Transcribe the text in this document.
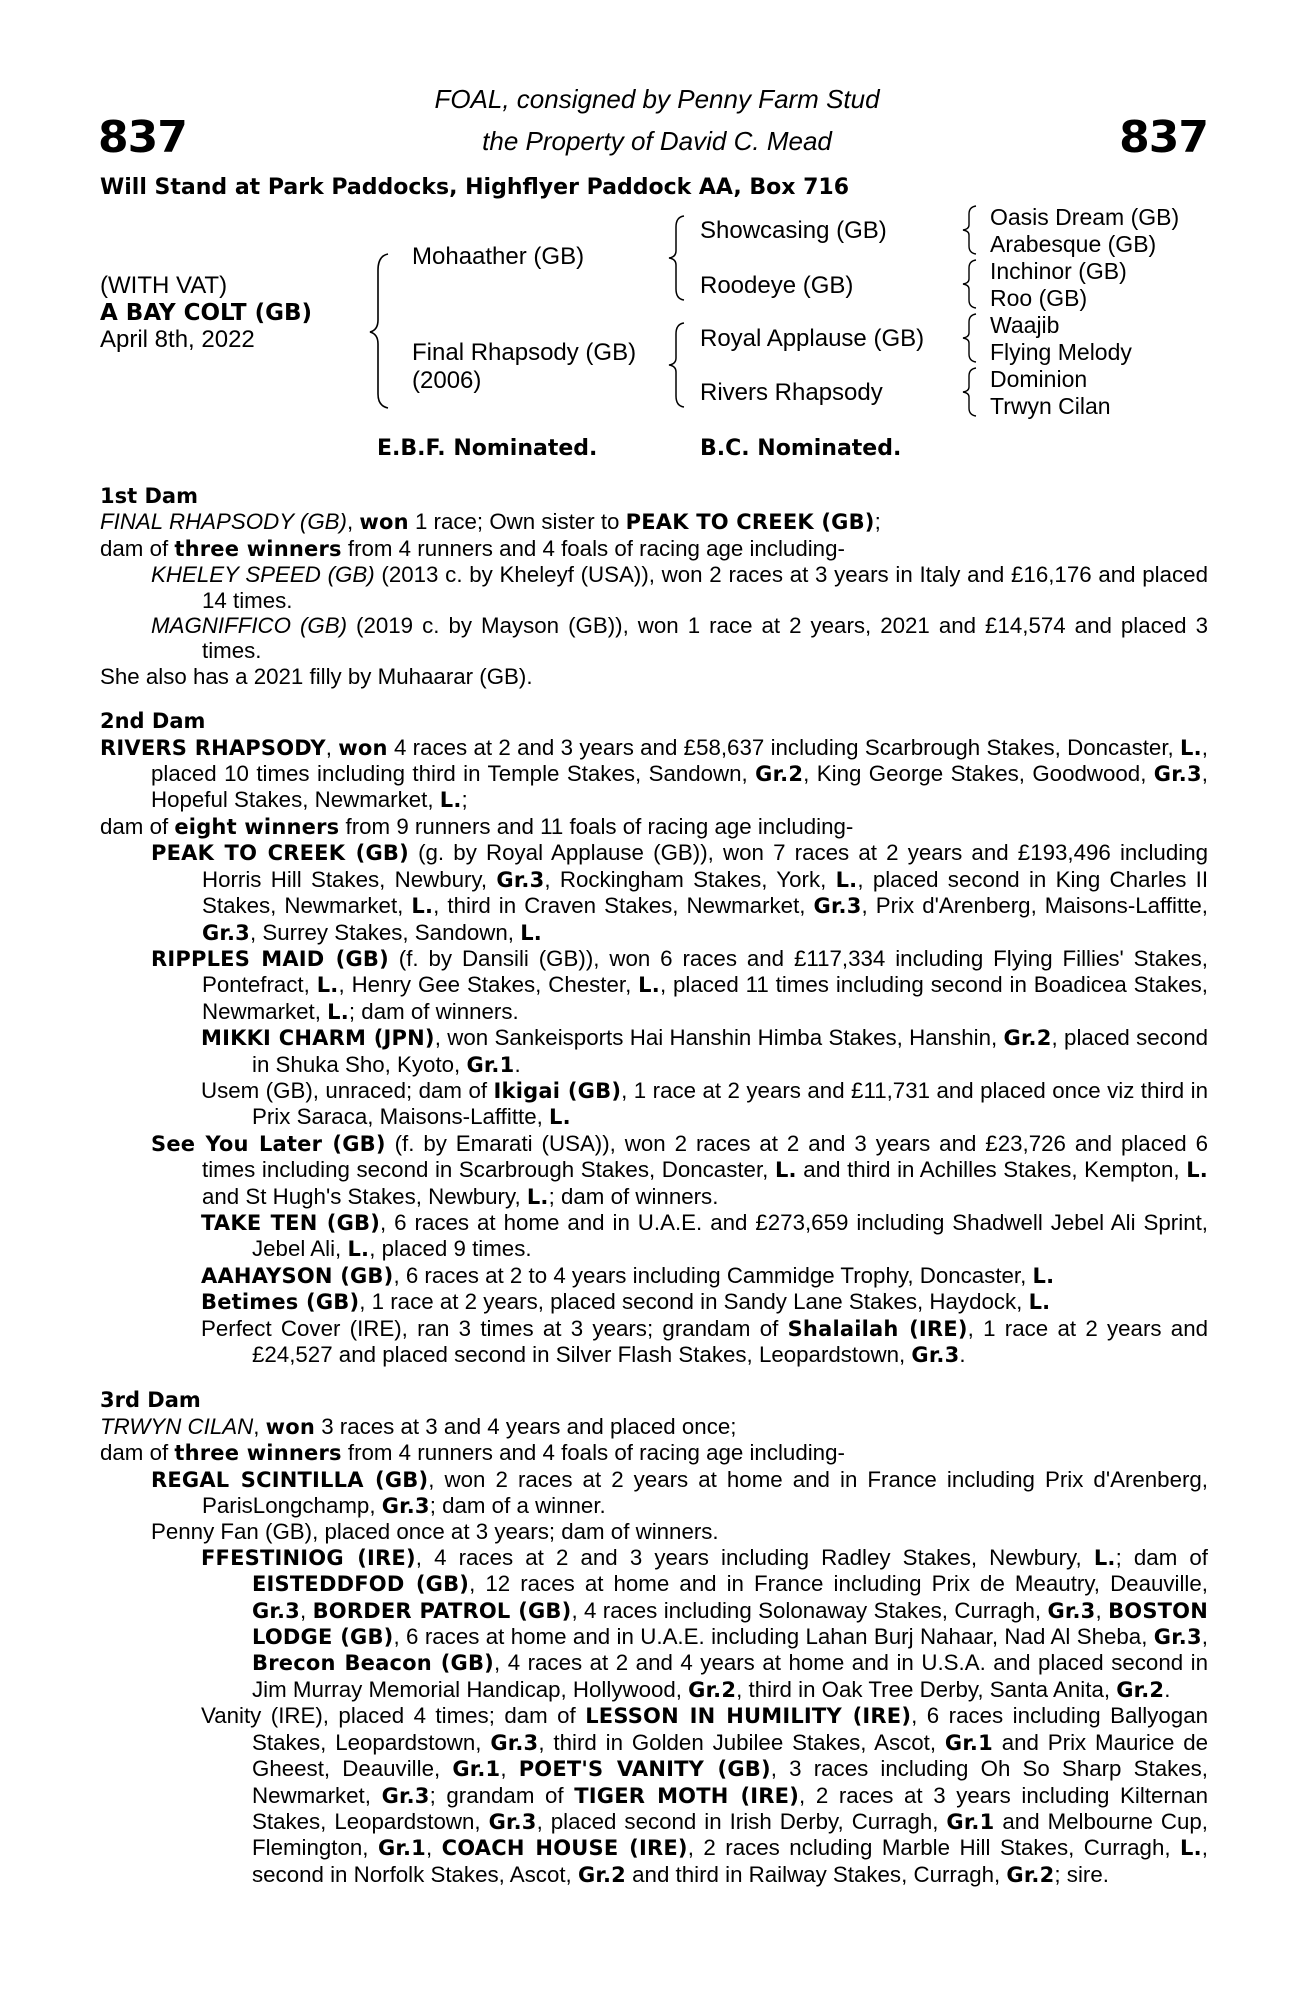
837	837
FOAL, consigned by Penny Farm Stud
the Property of David C. Mead
Will Stand at Park Paddocks, Highflyer Paddock AA, Box 716
(WITH VAT)
A BAY COLT (GB)
April 8th, 2022
Mohaather (GB)
Final Rhapsody (GB)
(2006)
Showcasing (GB)
Roodeye (GB)
Royal Applause (GB)
Rivers Rhapsody
Oasis Dream (GB)
Arabesque (GB)
Inchinor (GB)
Roo (GB)
Waajib
Flying Melody
Dominion
Trwyn Cilan
E.B.F. Nominated.	B.C. Nominated.
1st Dam

FINAL RHAPSODY (GB), won 1 race; Own sister to PEAK TO CREEK (GB);

dam of three winners from 4 runners and 4 foals of racing age including-

KHELEY SPEED (GB) (2013 c. by Kheleyf (USA)), won 2 races at 3 years in Italy and £16,176 and placed 14 times.

MAGNIFFICO (GB) (2019 c. by Mayson (GB)), won 1 race at 2 years, 2021 and £14,574 and placed 3 times.

She also has a 2021 filly by Muhaarar (GB).

2nd Dam

RIVERS RHAPSODY, won 4 races at 2 and 3 years and £58,637 including Scarbrough Stakes, Doncaster, L., placed 10 times including third in Temple Stakes, Sandown, Gr.2, King George Stakes, Goodwood, Gr.3, Hopeful Stakes, Newmarket, L.;

dam of eight winners from 9 runners and 11 foals of racing age including-

PEAK TO CREEK (GB) (g. by Royal Applause (GB)), won 7 races at 2 years and £193,496 including Horris Hill Stakes, Newbury, Gr.3, Rockingham Stakes, York, L., placed second in King Charles II Stakes, Newmarket, L., third in Craven Stakes, Newmarket, Gr.3, Prix d'Arenberg, Maisons-Laffitte, Gr.3, Surrey Stakes, Sandown, L.

RIPPLES MAID (GB) (f. by Dansili (GB)), won 6 races and £117,334 including Flying Fillies' Stakes, Pontefract, L., Henry Gee Stakes, Chester, L., placed 11 times including second in Boadicea Stakes, Newmarket, L.; dam of winners.

MIKKI CHARM (JPN), won Sankeisports Hai Hanshin Himba Stakes, Hanshin, Gr.2, placed second in Shuka Sho, Kyoto, Gr.1.

Usem (GB), unraced; dam of Ikigai (GB), 1 race at 2 years and £11,731 and placed once viz third in Prix Saraca, Maisons-Laffitte, L.

See You Later (GB) (f. by Emarati (USA)), won 2 races at 2 and 3 years and £23,726 and placed 6 times including second in Scarbrough Stakes, Doncaster, L. and third in Achilles Stakes, Kempton, L. and St Hugh's Stakes, Newbury, L.; dam of winners.

TAKE TEN (GB), 6 races at home and in U.A.E. and £273,659 including Shadwell Jebel Ali Sprint, Jebel Ali, L., placed 9 times.

AAHAYSON (GB), 6 races at 2 to 4 years including Cammidge Trophy, Doncaster, L.

Betimes (GB), 1 race at 2 years, placed second in Sandy Lane Stakes, Haydock, L.

Perfect Cover (IRE), ran 3 times at 3 years; grandam of Shalailah (IRE), 1 race at 2 years and £24,527 and placed second in Silver Flash Stakes, Leopardstown, Gr.3.

3rd Dam

TRWYN CILAN, won 3 races at 3 and 4 years and placed once;

dam of three winners from 4 runners and 4 foals of racing age including-

REGAL SCINTILLA (GB), won 2 races at 2 years at home and in France including Prix d'Arenberg, ParisLongchamp, Gr.3; dam of a winner.

Penny Fan (GB), placed once at 3 years; dam of winners.

FFESTINIOG (IRE), 4 races at 2 and 3 years including Radley Stakes, Newbury, L.; dam of EISTEDDFOD (GB), 12 races at home and in France including Prix de Meautry, Deauville, Gr.3, BORDER PATROL (GB), 4 races including Solonaway Stakes, Curragh, Gr.3, BOSTON LODGE (GB), 6 races at home and in U.A.E. including Lahan Burj Nahaar, Nad Al Sheba, Gr.3, Brecon Beacon (GB), 4 races at 2 and 4 years at home and in U.S.A. and placed second in Jim Murray Memorial Handicap, Hollywood, Gr.2, third in Oak Tree Derby, Santa Anita, Gr.2.

Vanity (IRE), placed 4 times; dam of LESSON IN HUMILITY (IRE), 6 races including Ballyogan Stakes, Leopardstown, Gr.3, third in Golden Jubilee Stakes, Ascot, Gr.1 and Prix Maurice de Gheest, Deauville, Gr.1, POET'S VANITY (GB), 3 races including Oh So Sharp Stakes, Newmarket, Gr.3; grandam of TIGER MOTH (IRE), 2 races at 3 years including Kilternan Stakes, Leopardstown, Gr.3, placed second in Irish Derby, Curragh, Gr.1 and Melbourne Cup, Flemington, Gr.1, COACH HOUSE (IRE), 2 races ncluding Marble Hill Stakes, Curragh, L., second in Norfolk Stakes, Ascot, Gr.2 and third in Railway Stakes, Curragh, Gr.2; sire.
